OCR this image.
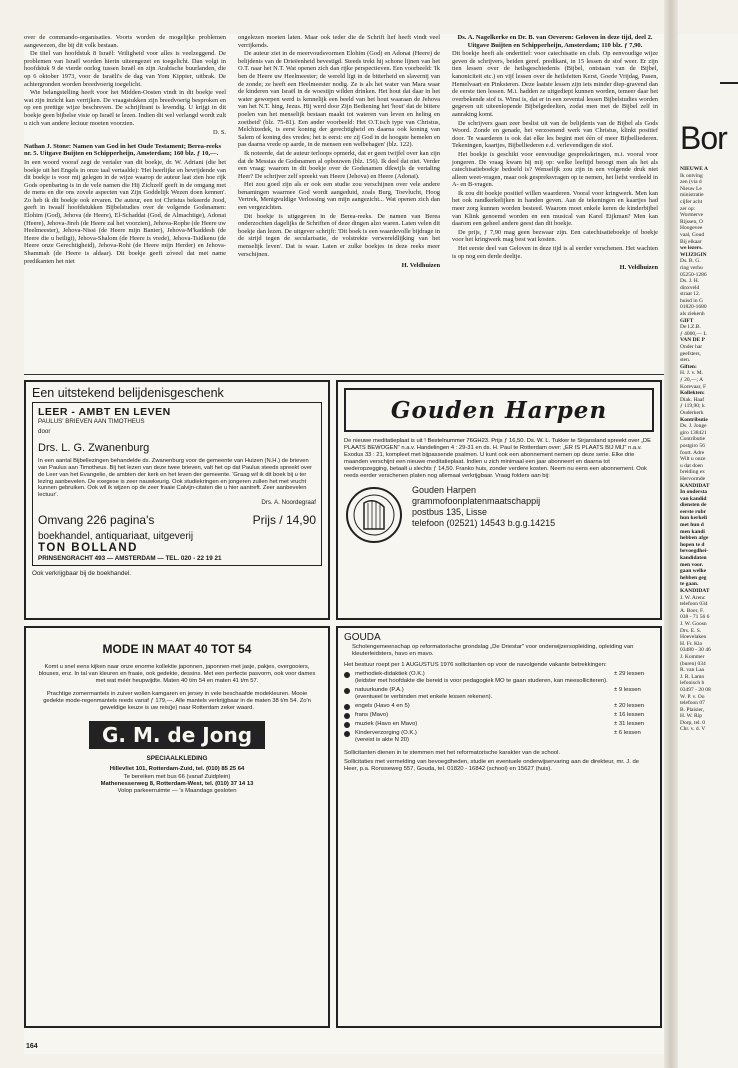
over de commando-organisaties. Voorts worden de mogelijke problemen aangewezen, die bij dit volk bestaan.

De titel van hoofdstuk 8 Israël: Veiligheid voor alles is veelzeggend. De problemen van Israël worden hierin uiteengezet en toegelicht. Dan volgt in hoofdstuk 9 de vierde oorlog tussen Israël en zijn Arabische buurlanden, die op 6 oktober 1973, voor de Israëli's de dag van Yom Kippier, uitbrak. De achtergronden worden breedvoerig toegelicht.

Wie belangstelling heeft voor het Midden-Oosten vindt in dit boekje veel wat zijn inzicht kan verrijken. De vraagstukken zijn breedvoerig besproken en op een prettige wijze beschreven. De schrijftrant is levendig. U krijgt in dit boekje geen bijbelse visie op Israël te lezen. Indien dit wel verlangd wordt zult u zich van andere lectuur moeten voorzien.

D. S.
Nathan J. Stone: Namen van God in het Oude Testament; Berea-reeks nr. 5. Uitgave Buijten en Schipperheijn, Amsterdam; 160 blz. ƒ 10,—.

In een woord vooraf zegt de vertaler van dit boekje, dr. W. Adriani (die het boekje uit het Engels in onze taal vertaalde): 'Het heerlijke en bevrijdende van dit boekje is voor mij gelegen in de wijze waarop de auteur laat zien hoe rijk Gods openbaring is in de vele namen die Hij Zichzelf geeft in de omgang met de mens en die ons zovele aspecten van Zijn Goddelijk Wezen doen kennen'. Zo heb ik dit boekje ook ervaren. De auteur, een tot Christus bekeerde Jood, geeft in twaalf hoofdstukken Bijbelstudies over de volgende Godsnamen: Elohim (God), Jehova (de Heere), El-Schaddai (God, de Almachtige), Adonai (Heere), Jehova-Jireh (de Heere zal het voorzien), Jehova-Rophe (de Heere uw Heelmeester), Jehova-Nissi (de Heere mijn Banier), Jehova-M'kaddesh (de Heere die u heiligt), Jehova-Shalom (de Heere is vrede), Jehova-Tsidkenu (de Heere onze Gerechtigheid), Jehova-Rohi (de Heere mijn Herder) en Jehova-Shammah (de Heere is aldaar). Dit boekje geeft zóveel dat met name predikanten het niet

ongelezen moeten laten. Maar ook ieder die de Schrift lief heeft vindt veel verrijkends.

De auteur ziet in de meervoudsvormen Elohim (God) en Adonai (Heere) de belijdenis van de Drieëenheid bevestigd. Steeds trekt hij schone lijnen van het O.T. naar het N.T. Wat openen zich dan rijke perspectieven. Een voorbeeld: 'Ik ben de Heere uw Heelmeester; de wereld ligt in de bitterheid en slavernij van de zonde; ze heeft een Heelmeester nodig. Ze is als het water van Mara waar de kinderen van Israël in de woestijn wilden drinken. Het hout dat daar in het water geworpen werd is kennelijk een beeld van het hout waaraan de Jehova van het N.T. hing, Jezus. Hij werd door Zijn Bediening het 'hout' dat de bittere poelen van het menselijk bestaan maakt tot wateren van leven en heling en zoetheid' (blz. 75-81). Een ander voorbeeld: Het O.T.isch type van Christus, Melchizedek, is eerst koning der gerechtigheid en daarna ook koning van Salem of koning des vredes; het is eerst: ere zij God in de hoogste hemelen en pas daarna vrede op aarde, in de mensen een welbehagen' (blz. 122).

Ik noteerde, dat de auteur terloops opmerkt, dat er geen twijfel over kan zijn dat de Messias de Godsnamen al opbouwen (blz. 156). Ik deel dat niet. Verder een vraag: waarom in dit boekje over de Godsnamen dikwijls de vertaling Heer? De schrijver zelf spreekt van Heere (Jehova) en Heere (Adonai).

Het zou goed zijn als er ook een studie zou verschijnen over vele andere benamingen waarmee God wordt aangeduid, zoals Burg, Toevlucht, Hoog Vertrek, Menigvuldige Verlossing van mijn aangezicht... Wat openen zich dan een vergezichten.

Dit boekje is uitgegeven in de Berea-reeks. De namen van Berea onderzochten dagelijks de Schriften of deze dingen alzo waren. Laten velen dit boekje dan lezen. De uitgever schrijft: 'Dit boek is een waardevolle bijdrage in de strijd tegen de secularisatie, de volstrekte verwereldlijking van het menselijk leven'. Dat is waar. Laten er zulke boekjes in deze reeks meer verschijnen.

H. Veldhuizen
Ds. A. Nagelkerke en Dr. B. van Oeveren: Geloven in deze tijd, deel 2. Uitgave Buijten en Schipperheijn, Amsterdam; 110 blz. ƒ 7,90.

Dit boekje heeft als ondertitel: voor catechisatie en club. Op eenvoudige wijze geven de schrijvers, beiden geref. predikant, in 15 lessen de stof weer. Er zijn tien lessen over de heilsgeschiedenis (Bijbel, ontstaan van de Bijbel, kanoniciteit etc.) en vijf lessen over de heilsfeiten Kerst, Goede Vrijdag, Pasen, Hemelvaart en Pinksteren. Deze laatste lessen zijn iets minder diep-gravend dan de eerste tien lessen. M.i. hadden ze uitgediept kunnen worden, temeer daar het overbekende stof is. Winst is, dat er in een zevental lessen Bijbelstudies worden gegeven uit uiteenlopende Bijbelgedeelten, zodat men met de Bijbel zelf in aanraking komt.

De schrijvers gaan zeer beslist uit van de belijdenis van de Bijbel als Gods Woord. Zonde en genade, het verzoenend werk van Christus, klinkt positief door. Te waarderen is ook dat elke les begint met één of meer Bijbelliederen. Tekeningen, kaartjes, Bijbelliederen e.d. verlevendigen de stof.

Het boekje is geschikt voor eenvoudige gesprekskringen, m.i. vooral voor jongeren. De vraag kwam bij mij op: welke leeftijd beoogt men als het als catechisatieboekje bedoeld is? Wenselijk zou zijn in een volgende druk niet alleen weet-vragen, maar ook gespreksvragen op te nemen, het liefst verdeeld in A- en B-vragen.

Ik zou dit boekje positief willen waarderen. Vooral voor kringwerk. Men kan het ook randkerkelijken in handen geven. Aan de tekeningen en kaartjes had meer zorg kunnen worden besteed. Waarom moet enkele keren de kinderbijbel van Klink genoemd worden en een musical van Karel Eijkman? Men kan daarom een geheel andere geest dan dit boekje.

De prijs, ƒ 7,90 mag geen bezwaar zijn. Een catechisatieboekje of boekje voor het kringwerk mag best wat kosten.

Het eerste deel van Geloven in deze tijd is al eerder verschenen. Het wachten is op nog een derde deeltje.

H. Veldhuizen
Een uitstekend belijdenisgeschenk
LEER - AMBT EN LEVEN
PAULUS' BRIEVEN AAN TIMOTHEUS
door
Drs. L. G. Zwanenburg
In een aantal Bijbellezingen behandelde ds. Zwanenburg voor de gemeente van Huizen (N.H.) de brieven van Paulus aan Timotheus. Bij het lezen van deze twee brieven, valt het op dat Paulus steeds spreekt over de Leer van het Evangelie, de ambten der kerk en het leven der gemeente. 'Graag wil ik dit boek bij u ter lezing aanbevelen. De exegese is zeer nauwkeurig. Ook studiekringen en jongeren zullen het met vrucht kunnen gebruiken. Ook wil ik wijzen op de zeer fraaie Calvijn-citaten die u hier aantreft. Zeer aanbevelen lectuur'.
Drs. A. Noordegraaf
Omvang 226 pagina's	Prijs / 14,90
boekhandel, antiquariaat, uitgeverij
TON BOLLAND
PRINSENGRACHT 493 — AMSTERDAM — TEL. 020 - 22 19 21
Ook verkrijgbaar bij de boekhandel.
Gouden Harpen
De nieuwe meditatieplaat is uit ! Bestelnummer 76GH23. Prijs ƒ 16,50. Ds. W. L. Tukker te Sirjansland spreekt over „DE PLAATS BEWOGEN" n.a.v. Handelingen 4 : 29-31 en ds. H. Paul te Rotterdam over: „ER IS PLAATS BIJ MIJ" n.a.v. Exodus 33 : 21, kompleet met bijpassende psalmen. U kunt ook een abonnement nemen op deze serie. Elke drie maanden verschijnt een nieuwe meditatieplaat. Indien u zich minimaal een jaar abonneert en daarna tot wederopzegging, betaalt u slechts ƒ 14,50. Franko huis, zonder verdere kosten. Neem nu eens een abonnement. Ook reeds eerder verschenen platen nog allemaal verkrijgbaar. Vraag folders aan bij:
Gouden Harpen
grammofoonplatenmaatschappij
postbus 135, Lisse
telefoon (02521) 14543 b.g.g.14215
MODE IN MAAT 40 TOT 54
Komt u snel eens kijken naar onze enorme kollektie japonnen, japonnen met jasje, pakjes, overgooiers, blouses, enz. In tal van kleuren en fraaie, ook gedekte, dessins. Met een perfecte pasvorm, ook voor dames met wat méér heupwijdte. Maten 40 t/m 54 en maten 41 t/m 57.
Prachtige zomermantels in zuiver wollen kamgaren en jersey in vele beschaafde modekleuren. Mooie gedekte mode-regenmantels reeds vanaf ƒ 179,—. Alle mantels verkrijgbaar in de maten 38 t/m 54. Zo'n geweldige keuze is uw reis(je) naar Rotterdam zeker waard.
G. M. de Jong
SPECIAALKLEDING
Hillevliet 101, Rotterdam-Zuid, tel. (010) 85 25 64
Te bereiken met bus 66 (vanaf Zuidplein)
Mathenesserweg 8, Rotterdam-West, tel. (010) 37 14 13
Volop parkeerruimte — 's Maandags gesloten
GOUDA
Scholengemeenschap op reformatorische grondslag „De Driestar" voor onderwijzersopleiding, opleiding van kleuterleidsters, havo en mavo.
Het bestuur roept per 1 AUGUSTUS 1976 sollicitanten op voor de navolgende vakante betrekkingen:
methodiek-didaktiek (O.K.)
(leidster met hoofdakte die bereid is voor pedagogiek MO te gaan studeren, kan meesolliciteren).
± 29 lessen
natuurkunde (P.A.)
(eventueel te verbinden met enkele lessen rekenen).
± 9 lessen
engels (Havo 4 en 5)	± 20 lessen
frans (Mavo)	± 16 lessen
muziek (Havo en Mavo)	± 31 lessen
Kinderverzorging (O.K.)
(vereist is akte N 20)
± 6 lessen
Sollicitanten dienen in te stemmen met het reformatorische karakter van de school.
Sollicitaties met vermelding van bevoegdheden, studie en eventuele onderwijservaring aan de direkteur, mr. J. de Heer, p.a. Ronsseweg 557, Gouda, tel. 01820 - 16842 (school) en 15627 (huis).
164
Bor
NIEUWE A
Ik ontving
zen (via d
Nieuw Le
ministratie
cijfer acht
zer op:
Wormerve
Rijssen, O
Hoogevee
vaal, Goud
Bij elkaar
we lezers.
WIJZIGIN
Ds. B. G.
ring verhu
05250-1286
Ds. J. H.
dinxveld
straat 12.
huisd in G
01820-1680
als ziekenh
GIFT
De I.Z.B.
ƒ 4000,— L
VAN DE P
Onder har
geefsters,
sten.
Giften:
H. J. v. M.
ƒ 20,—; A
Korevaar, F
Kollekten:
Diak. Haaf
ƒ 119,90; k
Ouderkerk
Kontributie
Ds. J. Jonge
giro 138421
Contributie
postgiro 56
foort. Adre
Wilt u onze
u dat doen
breiding ex
Hervormde
KANDIDAT
In ondersta
van kandid
diensten de
eerste rubr
hun kerkeli
met hun d
men kandi
hebben afge
hopen te d
bevoegdhei-
kandidaten
men voor.
gaan welke
hebben geg
te gaan.
KANDIDAT
J. W. Arenc
telefoon 034
A. Boer, F.
038 - 71 56 6
J. W. Goosn
Drs. E. S.
Hoevelaken
H. Fr. Klo
03480 - 30 46
J. Kommer
(buren) 034
R. van Laa
J. R. Lamn
lefonisch b
03497 - 20 08
W. P. v. Oo
telefoon 07
B. Plaisier,
H. W. Rip
Dorp, tel. 0
Chr. v. d. V
